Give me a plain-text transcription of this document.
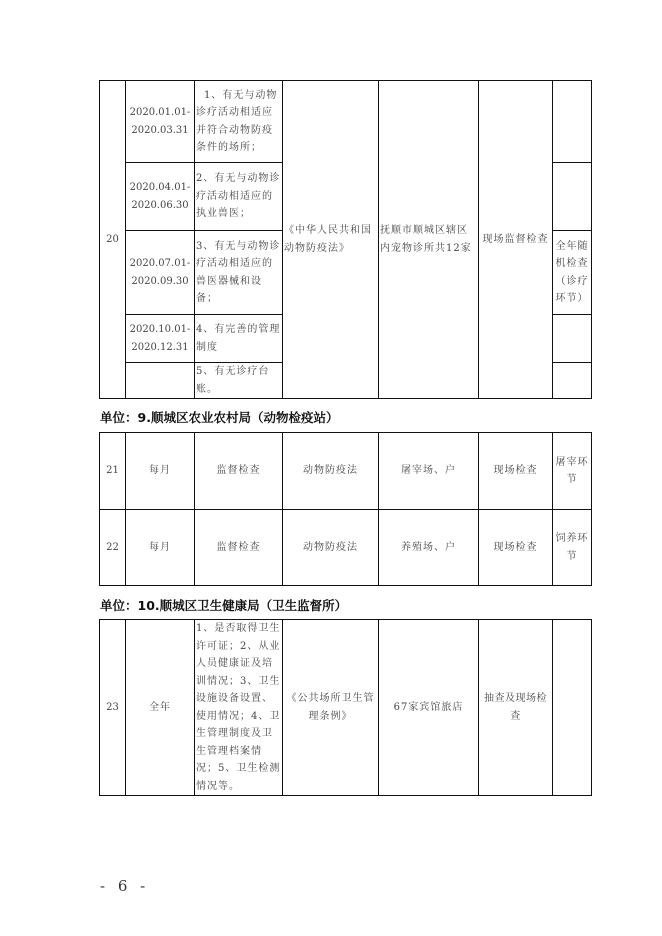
20	2020.01.01-2020.03.31	1、有无与动物诊疗活动相适应并符合动物防疫条件的场所；	《中华人民共和国动物防疫法》	抚顺市顺城区辖区内宠物诊所共12家	现场监督检查	
	2020.04.01-2020.06.30	2、有无与动物诊疗活动相适应的执业兽医；				
	2020.07.01-2020.09.30	3、有无与动物诊疗活动相适应的兽医器械和设备；				全年随机检查（诊疗环节）
	2020.10.01-2020.12.31	4、有完善的管理制度				
		5、有无诊疗台账。				
单位：9.顺城区农业农村局（动物检疫站）
21	每月	监督检查	动物防疫法	屠宰场、户	现场检查	屠宰环节
22	每月	监督检查	动物防疫法	养殖场、户	现场检查	饲养环节
单位：10.顺城区卫生健康局（卫生监督所）
23	全年	1、是否取得卫生许可证；2、从业人员健康证及培训情况；3、卫生设施设备设置、使用情况；4、卫生管理制度及卫生管理档案情况；5、卫生检测情况等。	《公共场所卫生管理条例》	67家宾馆旅店	抽查及现场检查	
- 6 -
